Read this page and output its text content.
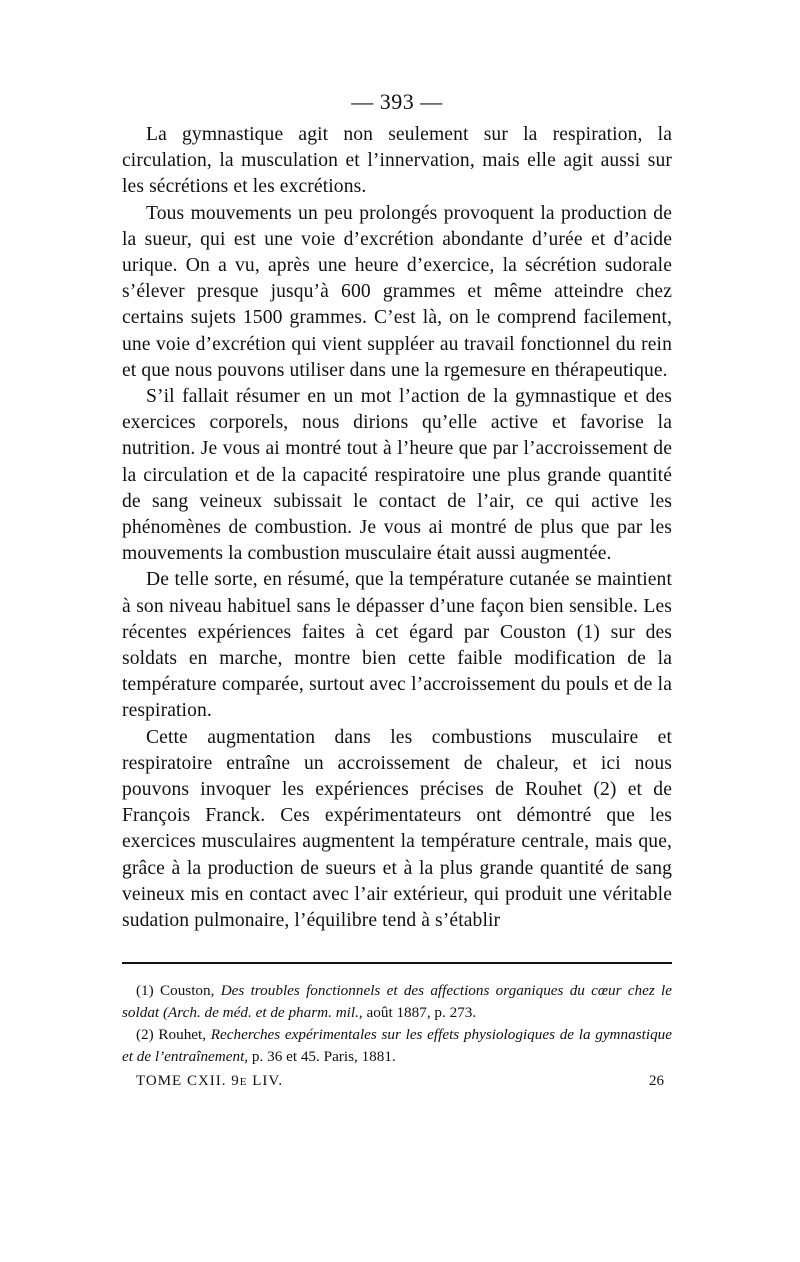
— 393 —

La gymnastique agit non seulement sur la respiration, la circulation, la musculation et l’innervation, mais elle agit aussi sur les sécrétions et les excrétions.

Tous mouvements un peu prolongés provoquent la production de la sueur, qui est une voie d’excrétion abondante d’urée et d’acide urique. On a vu, après une heure d’exercice, la sécrétion sudorale s’élever presque jusqu’à 600 grammes et même atteindre chez certains sujets 1500 grammes. C’est là, on le comprend facilement, une voie d’excrétion qui vient suppléer au travail fonctionnel du rein et que nous pouvons utiliser dans une la rgemesure en thérapeutique.

S’il fallait résumer en un mot l’action de la gymnastique et des exercices corporels, nous dirions qu’elle active et favorise la nutrition. Je vous ai montré tout à l’heure que par l’accroissement de la circulation et de la capacité respiratoire une plus grande quantité de sang veineux subissait le contact de l’air, ce qui active les phénomènes de combustion. Je vous ai montré de plus que par les mouvements la combustion musculaire était aussi augmentée.

De telle sorte, en résumé, que la température cutanée se maintient à son niveau habituel sans le dépasser d’une façon bien sensible. Les récentes expériences faites à cet égard par Couston (1) sur des soldats en marche, montre bien cette faible modification de la température comparée, surtout avec l’accroissement du pouls et de la respiration.

Cette augmentation dans les combustions musculaire et respiratoire entraîne un accroissement de chaleur, et ici nous pouvons invoquer les expériences précises de Rouhet (2) et de François Franck. Ces expérimentateurs ont démontré que les exercices musculaires augmentent la température centrale, mais que, grâce à la production de sueurs et à la plus grande quantité de sang veineux mis en contact avec l’air extérieur, qui produit une véritable sudation pulmonaire, l’équilibre tend à s’établir

(1) Couston, Des troubles fonctionnels et des affections organiques du cœur chez le soldat (Arch. de méd. et de pharm. mil., août 1887, p. 273.

(2) Rouhet, Recherches expérimentales sur les effets physiologiques de la gymnastique et de l’entraînement, p. 36 et 45. Paris, 1881.

TOME CXII. 9e LIV.	26
